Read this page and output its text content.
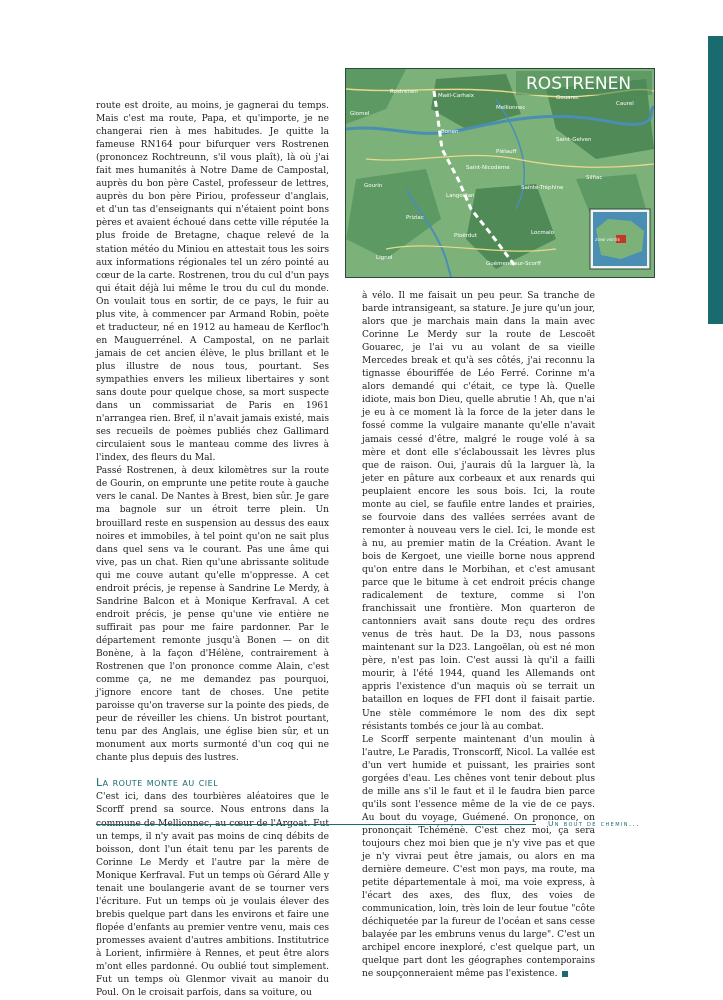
Rostrenen
Maël-Carhaix
Glomel
Caurel
Mellionnec
Gouarec
Bonen
Plélauff
Saint-Gelven
Silfiac
Gourin
Langoëlan
Priziac
Ploërdut
Guémené-sur-Scorff
Locmalo
Lignol
Saint-Nicodème
Sainte-Tréphine
ROSTRENEN
ZONE VISITÉE

route est droite, au moins, je gagnerai du temps. Mais c'est ma route, Papa, et qu'importe, je ne changerai rien à mes habitudes. Je quitte la fameuse RN164 pour bifurquer vers Rostrenen (prononcez Rochtreunn, s'il vous plaît), là où j'ai fait mes humanités à Notre Dame de Campostal, auprès du bon père Castel, professeur de lettres, auprès du bon père Piriou, professeur d'anglais, et d'un tas d'enseignants qui n'étaient point bons pères et avaient échoué dans cette ville réputée la plus froide de Bretagne, chaque relevé de la station météo du Miniou en attestait tous les soirs aux informations régionales tel un zéro pointé au cœur de la carte. Rostrenen, trou du cul d'un pays qui était déjà lui même le trou du cul du monde. On voulait tous en sortir, de ce pays, le fuir au plus vite, à commencer par Armand Robin, poète et traducteur, né en 1912 au hameau de Kerfloc'h en Mauguerrénel. A Campostal, on ne parlait jamais de cet ancien élève, le plus brillant et le plus illustre de nous tous, pourtant. Ses sympathies envers les milieux libertaires y sont sans doute pour quelque chose, sa mort suspecte dans un commissariat de Paris en 1961 n'arrangea rien. Bref, il n'avait jamais existé, mais ses recueils de poèmes publiés chez Gallimard circulaient sous le manteau comme des livres à l'index, des fleurs du Mal.

Passé Rostrenen, à deux kilomètres sur la route de Gourin, on emprunte une petite route à gauche vers le canal. De Nantes à Brest, bien sûr. Je gare ma bagnole sur un étroit terre plein. Un brouillard reste en suspension au dessus des eaux noires et immobiles, à tel point qu'on ne sait plus dans quel sens va le courant. Pas une âme qui vive, pas un chat. Rien qu'une abrissante solitude qui me couve autant qu'elle m'oppresse. A cet endroit précis, je repense à Sandrine Le Merdy, à Sandrine Balcon et à Monique Kerfraval. A cet endroit précis, je pense qu'une vie entière ne suffirait pas pour me faire pardonner. Par le département remonte jusqu'à Bonen — on dit Bonène, à la façon d'Hélène, contrairement à Rostrenen que l'on prononce comme Alain, c'est comme ça, ne me demandez pas pourquoi, j'ignore encore tant de choses. Une petite paroisse qu'on traverse sur la pointe des pieds, de peur de réveiller les chiens. Un bistrot pourtant, tenu par des Anglais, une église bien sûr, et un monument aux morts surmonté d'un coq qui ne chante plus depuis des lustres.

La route monte au ciel

C'est ici, dans des tourbières aléatoires que le Scorff prend sa source. Nous entrons dans la un temps, il n'y avait pas moins de cinq débits de boisson, dont l'un était tenu par les parents de Corinne Le Merdy et l'autre par la mère de Monique Kerfraval. Fut un temps où Gérard Alle y tenait une boulangerie avant de se tourner vers l'écriture. Fut un temps où je voulais élever des brebis quelque part dans les environs et faire une flopée d'enfants au premier ventre venu, mais ces promesses avaient d'autres ambitions. Institutrice à Lorient, infirmière à Rennes, et peut être alors m'ont elles pardonné. Ou oublié tout simplement. Fut un temps où Glenmor vivait au manoir du Poul. On le croisait parfois, dans sa voiture, ou

à vélo. Il me faisait un peu peur. Sa tranche de barde intransigeant, sa stature. Je jure qu'un jour, alors que je marchais main dans la main avec Corinne Le Merdy sur la route de Lescoët Gouarec, je l'ai vu au volant de sa vieille Mercedes break et qu'à ses côtés, j'ai reconnu la tignasse ébouriffée de Léo Ferré. Corinne m'a alors demandé qui c'était, ce type là. Quelle idiote, mais bon Dieu, quelle abrutie ! Ah, que n'ai je eu à ce moment là la force de la jeter dans le fossé comme la vulgaire manante qu'elle n'avait jamais cessé d'être, malgré le rouge volé à sa mère et dont elle s'éclaboussait les lèvres plus que de raison. Oui, j'aurais dû la larguer là, la jeter en pâture aux corbeaux et aux renards qui peuplaient encore les sous bois. Ici, la route monte au ciel, se faufile entre landes et prairies, se fourvoie dans des vallées serrées avant de remonter à nouveau vers le ciel. Ici, le monde est à nu, au premier matin de la Création. Avant le bois de Kergoet, une vieille borne nous apprend qu'on entre dans le Morbihan, et c'est amusant parce que le bitume à cet endroit précis change radicalement de texture, comme si l'on franchissait une frontière. Mon quarteron de cantonniers avait sans doute reçu des ordres venus de très haut. De la D3, nous passons maintenant sur la D23. Langoëlan, où est né mon père, n'est pas loin. C'est aussi là qu'il a failli mourir, à l'été 1944, quand les Allemands ont appris l'existence d'un maquis où se terrait un bataillon en loques de FFI dont il faisait partie. Une stèle commémore le nom des dix sept résistants tombés ce jour là au combat.

Le Scorff serpente maintenant d'un moulin à l'autre, Le Paradis, Tronscorff, Nicol. La vallée est d'un vert humide et puissant, les prairies sont gorgées d'eau. Les chênes vont tenir debout plus de mille ans s'il le faut et il le faudra bien parce qu'ils sont l'essence même de la vie de ce pays. Au bout du voyage, Guémené. On prononce, on prononçait Tchéménè. C'est chez moi, ça sera toujours chez moi bien que je n'y vive pas et que je n'y vivrai peut être jamais, ou alors en ma dernière demeure. C'est mon pays, ma route, ma petite départementale à moi, ma voie express, à l'écart des axes, des flux, des voies de communication, loin, très loin de leur foutue "côte déchiquetée par la fureur de l'océan et sans cesse balayée par les embruns venus du large". C'est un archipel encore inexploré, c'est quelque part, un quelque part dont les géographes contemporains ne soupçonneraient même pas l'existence.

Un bout de chemin...
